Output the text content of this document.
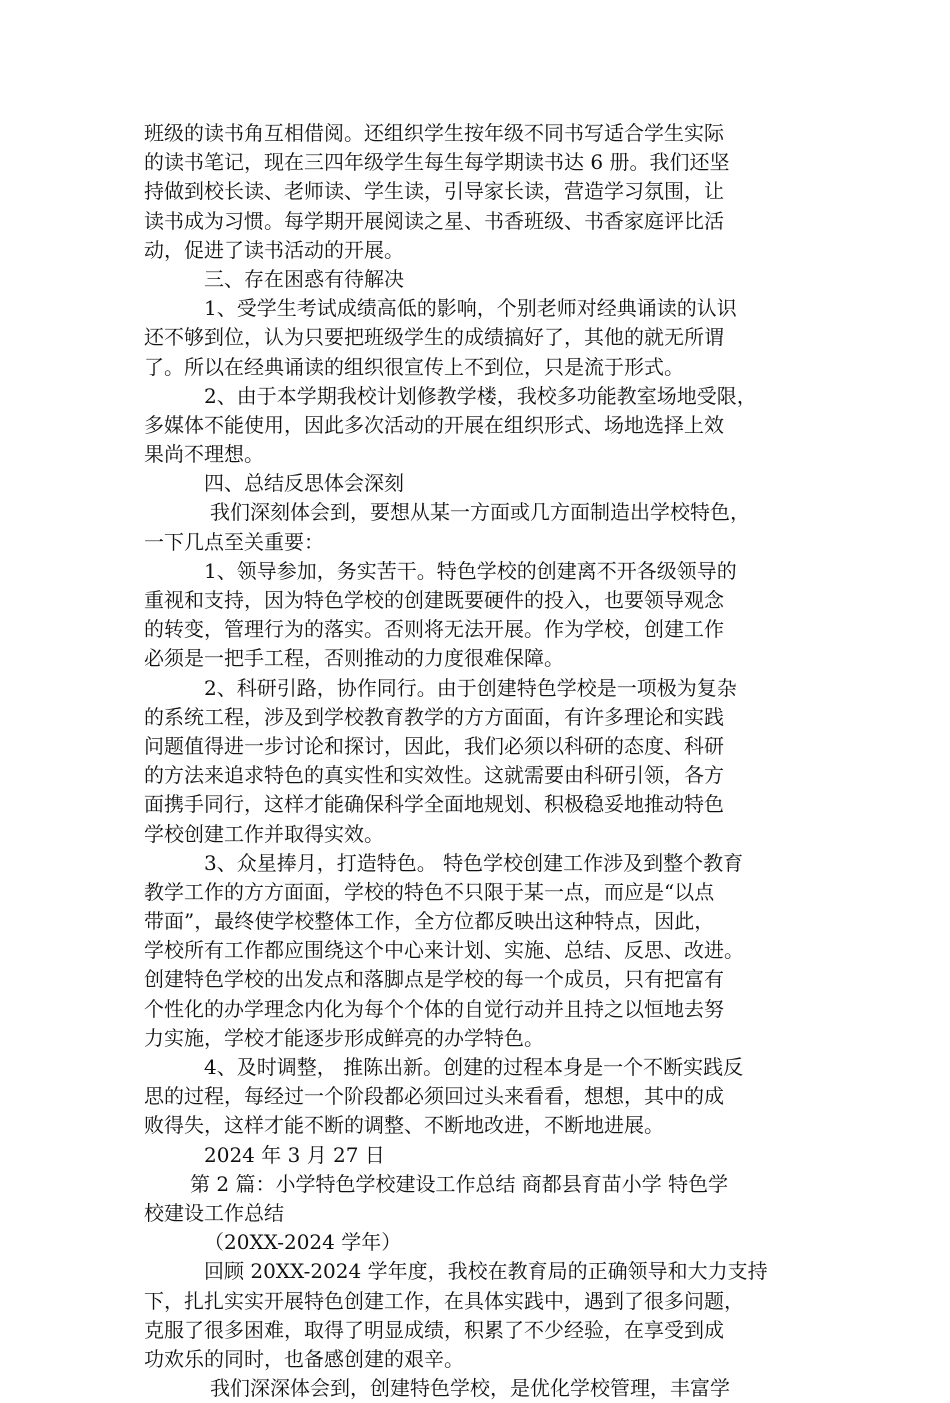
班级的读书角互相借阅。还组织学生按年级不同书写适合学生实际
的读书笔记，现在三四年级学生每生每学期读书达 6 册。我们还坚
持做到校长读、老师读、学生读，引导家长读，营造学习氛围，让
读书成为习惯。每学期开展阅读之星、书香班级、书香家庭评比活
动，促进了读书活动的开展。
三、存在困惑有待解决
1、受学生考试成绩高低的影响，个别老师对经典诵读的认识
还不够到位，认为只要把班级学生的成绩搞好了，其他的就无所谓
了。所以在经典诵读的组织很宣传上不到位，只是流于形式。
2、由于本学期我校计划修教学楼，我校多功能教室场地受限，
多媒体不能使用，因此多次活动的开展在组织形式、场地选择上效
果尚不理想。
四、总结反思体会深刻
我们深刻体会到，要想从某一方面或几方面制造出学校特色，
一下几点至关重要：
1、领导参加，务实苦干。特色学校的创建离不开各级领导的
重视和支持，因为特色学校的创建既要硬件的投入，也要领导观念
的转变，管理行为的落实。否则将无法开展。作为学校，创建工作
必须是一把手工程，否则推动的力度很难保障。
2、科研引路，协作同行。由于创建特色学校是一项极为复杂
的系统工程，涉及到学校教育教学的方方面面，有许多理论和实践
问题值得进一步讨论和探讨，因此，我们必须以科研的态度、科研
的方法来追求特色的真实性和实效性。这就需要由科研引领，各方
面携手同行，这样才能确保科学全面地规划、积极稳妥地推动特色
学校创建工作并取得实效。
3、众星捧月，打造特色。 特色学校创建工作涉及到整个教育
教学工作的方方面面，学校的特色不只限于某一点，而应是“以点
带面”，最终使学校整体工作，全方位都反映出这种特点，因此，
学校所有工作都应围绕这个中心来计划、实施、总结、反思、改进。
创建特色学校的出发点和落脚点是学校的每一个成员，只有把富有
个性化的办学理念内化为每个个体的自觉行动并且持之以恒地去努
力实施，学校才能逐步形成鲜亮的办学特色。
4、及时调整， 推陈出新。创建的过程本身是一个不断实践反
思的过程，每经过一个阶段都必须回过头来看看，想想，其中的成
败得失，这样才能不断的调整、不断地改进，不断地进展。
2024 年 3 月 27 日
第 2 篇：小学特色学校建设工作总结 商都县育苗小学 特色学
校建设工作总结
（20XX-2024 学年）
回顾 20XX-2024 学年度，我校在教育局的正确领导和大力支持
下，扎扎实实开展特色创建工作，在具体实践中，遇到了很多问题，
克服了很多困难，取得了明显成绩，积累了不少经验，在享受到成
功欢乐的同时，也备感创建的艰辛。
我们深深体会到，创建特色学校，是优化学校管理，丰富学
